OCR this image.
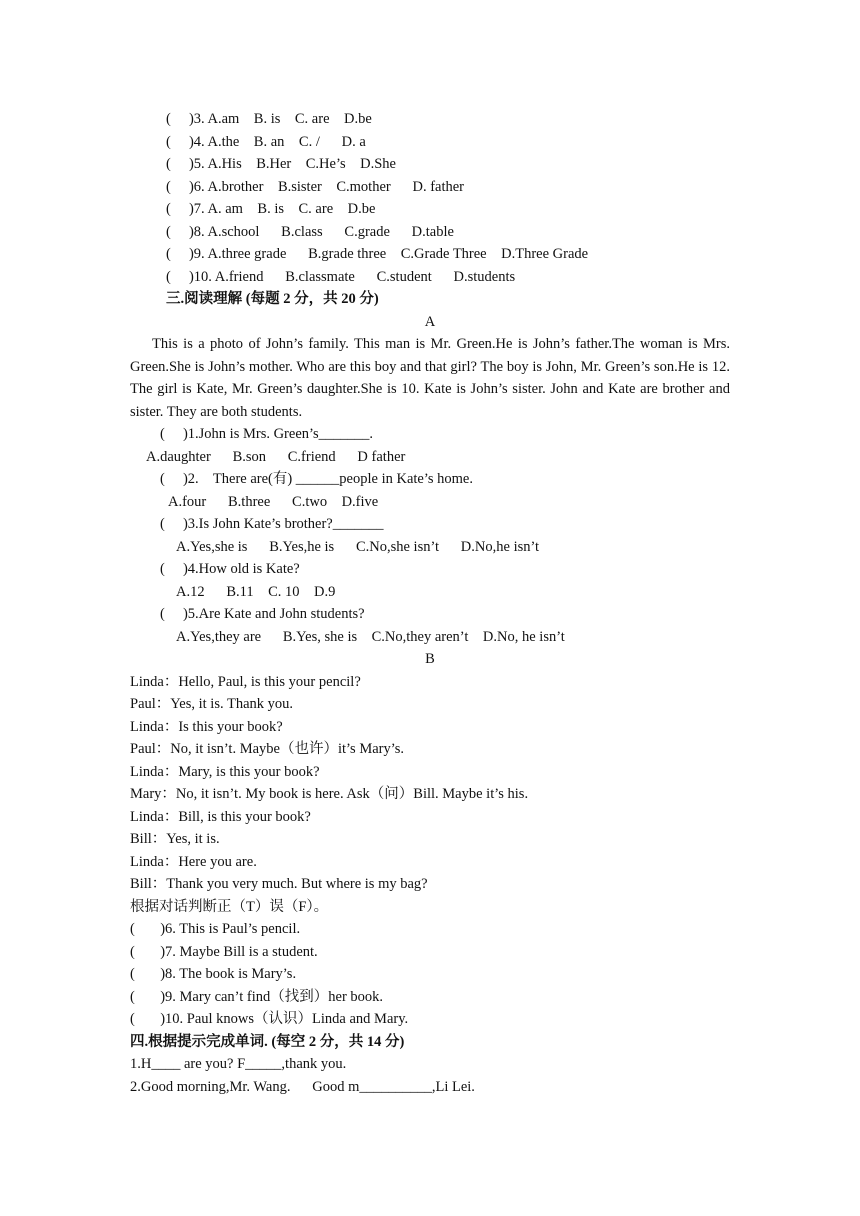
(     )3. A.am    B. is    C. are    D.be
(     )4. A.the    B. an    C. /      D. a
(     )5. A.His    B.Her    C.He’s    D.She
(     )6. A.brother    B.sister    C.mother      D. father
(     )7. A. am    B. is    C. are    D.be
(     )8. A.school      B.class      C.grade      D.table
(     )9. A.three grade      B.grade three    C.Grade Three    D.Three Grade
(     )10. A.friend      B.classmate      C.student      D.students
三.阅读理解 (每题 2 分，共 20 分)
A
This is a photo of John’s family. This man is Mr. Green.He is John’s father.The woman is Mrs. Green.She is John’s mother. Who are this boy and that girl? The boy is John, Mr. Green’s son.He is 12. The girl is Kate, Mr. Green’s daughter.She is 10. Kate is John’s sister. John and Kate are brother and sister. They are both students.
(     )1.John is Mrs. Green’s_______.
A.daughter      B.son      C.friend      D father
(     )2.    There are(有) ______people in Kate’s home.
A.four      B.three      C.two    D.five
(     )3.Is John Kate’s brother?_______
A.Yes,she is      B.Yes,he is      C.No,she isn’t      D.No,he isn’t
(     )4.How old is Kate?
A.12      B.11    C. 10    D.9
(     )5.Are Kate and John students?
A.Yes,they are      B.Yes, she is    C.No,they aren’t    D.No, he isn’t
B
Linda：Hello, Paul, is this your pencil?
Paul：Yes, it is. Thank you.
Linda：Is this your book?
Paul：No, it isn’t. Maybe（也许）it’s Mary’s.
Linda：Mary, is this your book?
Mary：No, it isn’t. My book is here. Ask（问）Bill. Maybe it’s his.
Linda：Bill, is this your book?
Bill：Yes, it is.
Linda：Here you are.
Bill：Thank you very much. But where is my bag?
根据对话判断正（T）误（F）。
(       )6. This is Paul’s pencil.
(       )7. Maybe Bill is a student.
(       )8. The book is Mary’s.
(       )9. Mary can’t find（找到）her book.
(       )10. Paul knows（认识）Linda and Mary.
四.根据提示完成单词. (每空 2 分，共 14 分)
1.H____ are you? F_____,thank you.
2.Good morning,Mr. Wang.      Good m__________,Li Lei.
